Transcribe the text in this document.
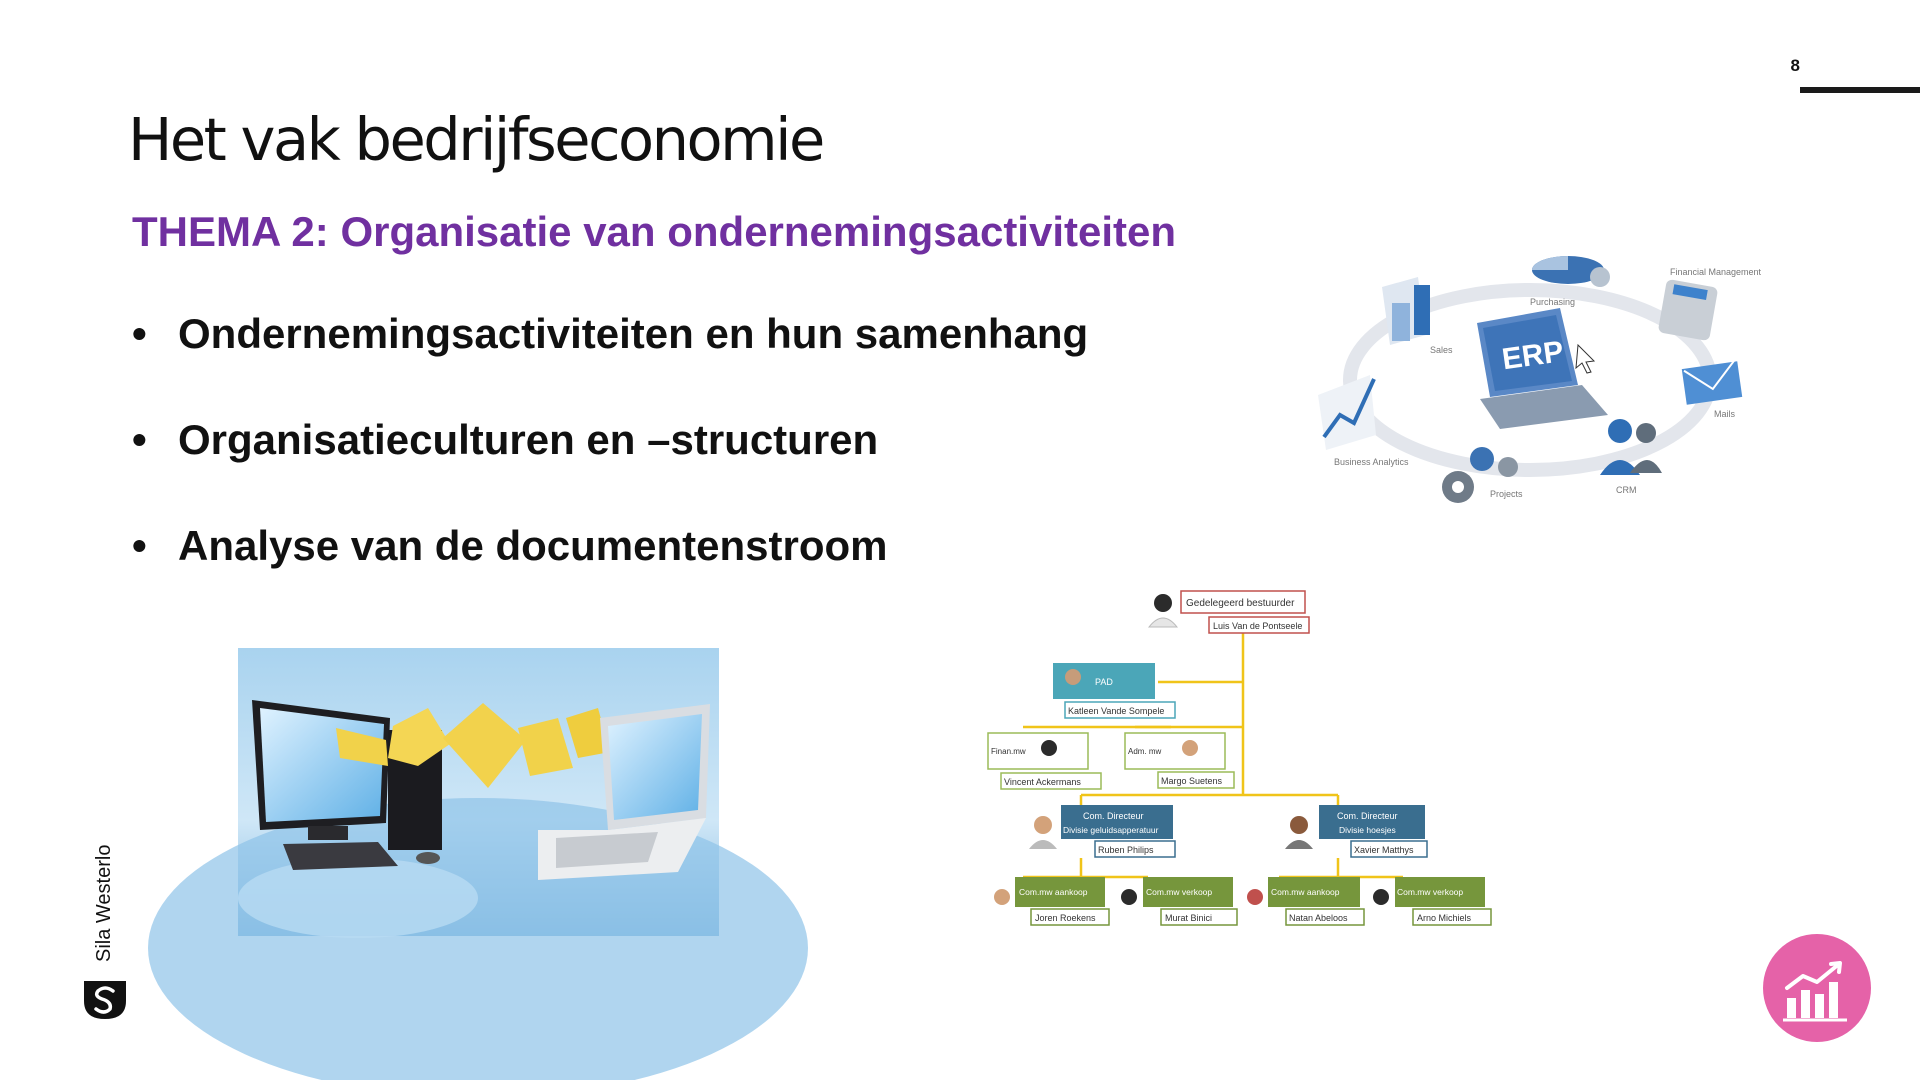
8
Het vak bedrijfseconomie
THEMA 2: Organisatie van ondernemingsactiviteiten
• Ondernemingsactiviteiten en hun samenhang
• Organisatieculturen en –structuren
• Analyse van de documentenstroom
ERP
Purchasing
Financial Management
Sales
Mails
Business Analytics
Projects	CRM
Gedelegeerd bestuurder
Luis Van de Pontseele
PAD
Katleen Vande Sompele
Finan.mw
Vincent Ackermans
Adm. mw
Margo Suetens
Com. Directeur
Divisie geluidsapperatuur
Ruben Philips
Com. Directeur
Divisie hoesjes
Xavier Matthys
Com.mw aankoop
Joren Roekens
Com.mw verkoop
Murat Binici
Com.mw aankoop
Natan Abeloos
Com.mw verkoop
Arno Michiels
Sila Westerlo
